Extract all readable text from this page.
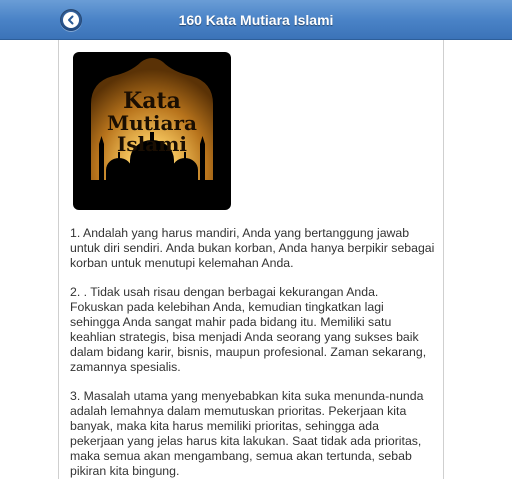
160 Kata Mutiara Islami
Kata
Mutiara
Islami

1. Andalah yang harus mandiri, Anda yang bertanggung jawab untuk diri sendiri. Anda bukan korban, Anda hanya berpikir sebagai korban untuk menutupi kelemahan Anda.

2. . Tidak usah risau dengan berbagai kekurangan Anda. Fokuskan pada kelebihan Anda, kemudian tingkatkan lagi sehingga Anda sangat mahir pada bidang itu. Memiliki satu keahlian strategis, bisa menjadi Anda seorang yang sukses baik dalam bidang karir, bisnis, maupun profesional. Zaman sekarang, zamannya spesialis.

3. Masalah utama yang menyebabkan kita suka menunda-nunda adalah lemahnya dalam memutuskan prioritas. Pekerjaan kita banyak, maka kita harus memiliki prioritas, sehingga ada pekerjaan yang jelas harus kita lakukan. Saat tidak ada prioritas, maka semua akan mengambang, semua akan tertunda, sebab pikiran kita bingung.
